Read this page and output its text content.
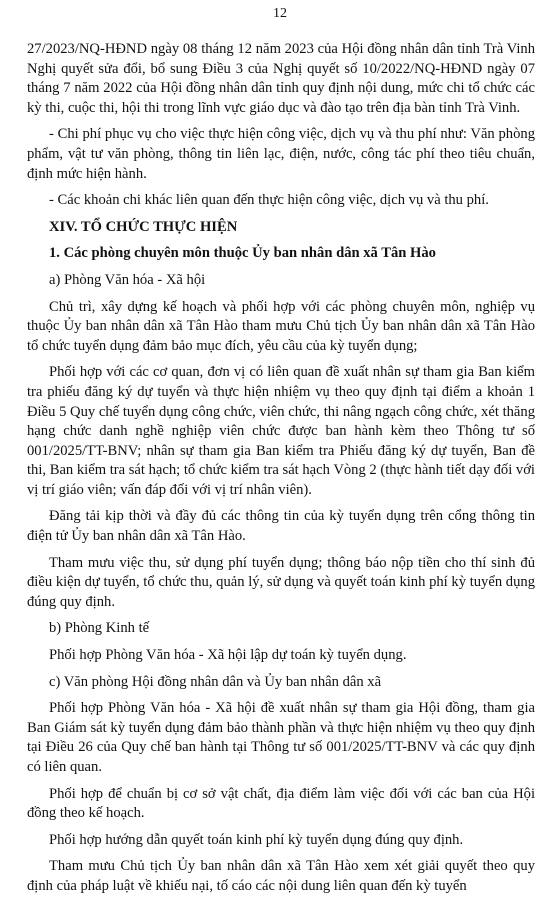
12

27/2023/NQ-HĐND ngày 08 tháng 12 năm 2023 của Hội đồng nhân dân tỉnh Trà Vinh Nghị quyết sửa đổi, bổ sung Điều 3 của Nghị quyết số 10/2022/NQ-HĐND ngày 07 tháng 7 năm 2022 của Hội đồng nhân dân tỉnh quy định nội dung, mức chi tổ chức các kỳ thi, cuộc thi, hội thi trong lĩnh vực giáo dục và đào tạo trên địa bàn tỉnh Trà Vinh.

- Chi phí phục vụ cho việc thực hiện công việc, dịch vụ và thu phí như: Văn phòng phẩm, vật tư văn phòng, thông tin liên lạc, điện, nước, công tác phí theo tiêu chuẩn, định mức hiện hành.

- Các khoản chi khác liên quan đến thực hiện công việc, dịch vụ và thu phí.

XIV. TỔ CHỨC THỰC HIỆN
1. Các phòng chuyên môn thuộc Ủy ban nhân dân xã Tân Hào

a) Phòng Văn hóa - Xã hội

Chủ trì, xây dựng kế hoạch và phối hợp với các phòng chuyên môn, nghiệp vụ thuộc Ủy ban nhân dân xã Tân Hào tham mưu Chủ tịch Ủy ban nhân dân xã Tân Hào tổ chức tuyển dụng đảm bảo mục đích, yêu cầu của kỳ tuyển dụng;

Phối hợp với các cơ quan, đơn vị có liên quan đề xuất nhân sự tham gia Ban kiểm tra phiếu đăng ký dự tuyển và thực hiện nhiệm vụ theo quy định tại điểm a khoản 1 Điều 5 Quy chế tuyển dụng công chức, viên chức, thi nâng ngạch công chức, xét thăng hạng chức danh nghề nghiệp viên chức được ban hành kèm theo Thông tư số 001/2025/TT-BNV; nhân sự tham gia Ban kiểm tra Phiếu đăng ký dự tuyển, Ban đề thi, Ban kiểm tra sát hạch; tổ chức kiểm tra sát hạch Vòng 2 (thực hành tiết dạy đối với vị trí giáo viên; vấn đáp đối với vị trí nhân viên).

Đăng tải kịp thời và đầy đủ các thông tin của kỳ tuyển dụng trên cổng thông tin điện tử Ủy ban nhân dân xã Tân Hào.

Tham mưu việc thu, sử dụng phí tuyển dụng; thông báo nộp tiền cho thí sinh đủ điều kiện dự tuyển, tổ chức thu, quản lý, sử dụng và quyết toán kinh phí kỳ tuyển dụng đúng quy định.

b) Phòng Kinh tế

Phối hợp Phòng Văn hóa - Xã hội lập dự toán kỳ tuyển dụng.

c) Văn phòng Hội đồng nhân dân và Ủy ban nhân dân xã

Phối hợp Phòng Văn hóa - Xã hội đề xuất nhân sự tham gia Hội đồng, tham gia Ban Giám sát kỳ tuyển dụng đảm bảo thành phần và thực hiện nhiệm vụ theo quy định tại Điều 26 của Quy chế ban hành tại Thông tư số 001/2025/TT-BNV và các quy định có liên quan.

Phối hợp để chuẩn bị cơ sở vật chất, địa điểm làm việc đối với các ban của Hội đồng theo kế hoạch.

Phối hợp hướng dẫn quyết toán kinh phí kỳ tuyển dụng đúng quy định.

Tham mưu Chủ tịch Ủy ban nhân dân xã Tân Hào xem xét giải quyết theo quy định của pháp luật về khiếu nại, tố cáo các nội dung liên quan đến kỳ tuyển
